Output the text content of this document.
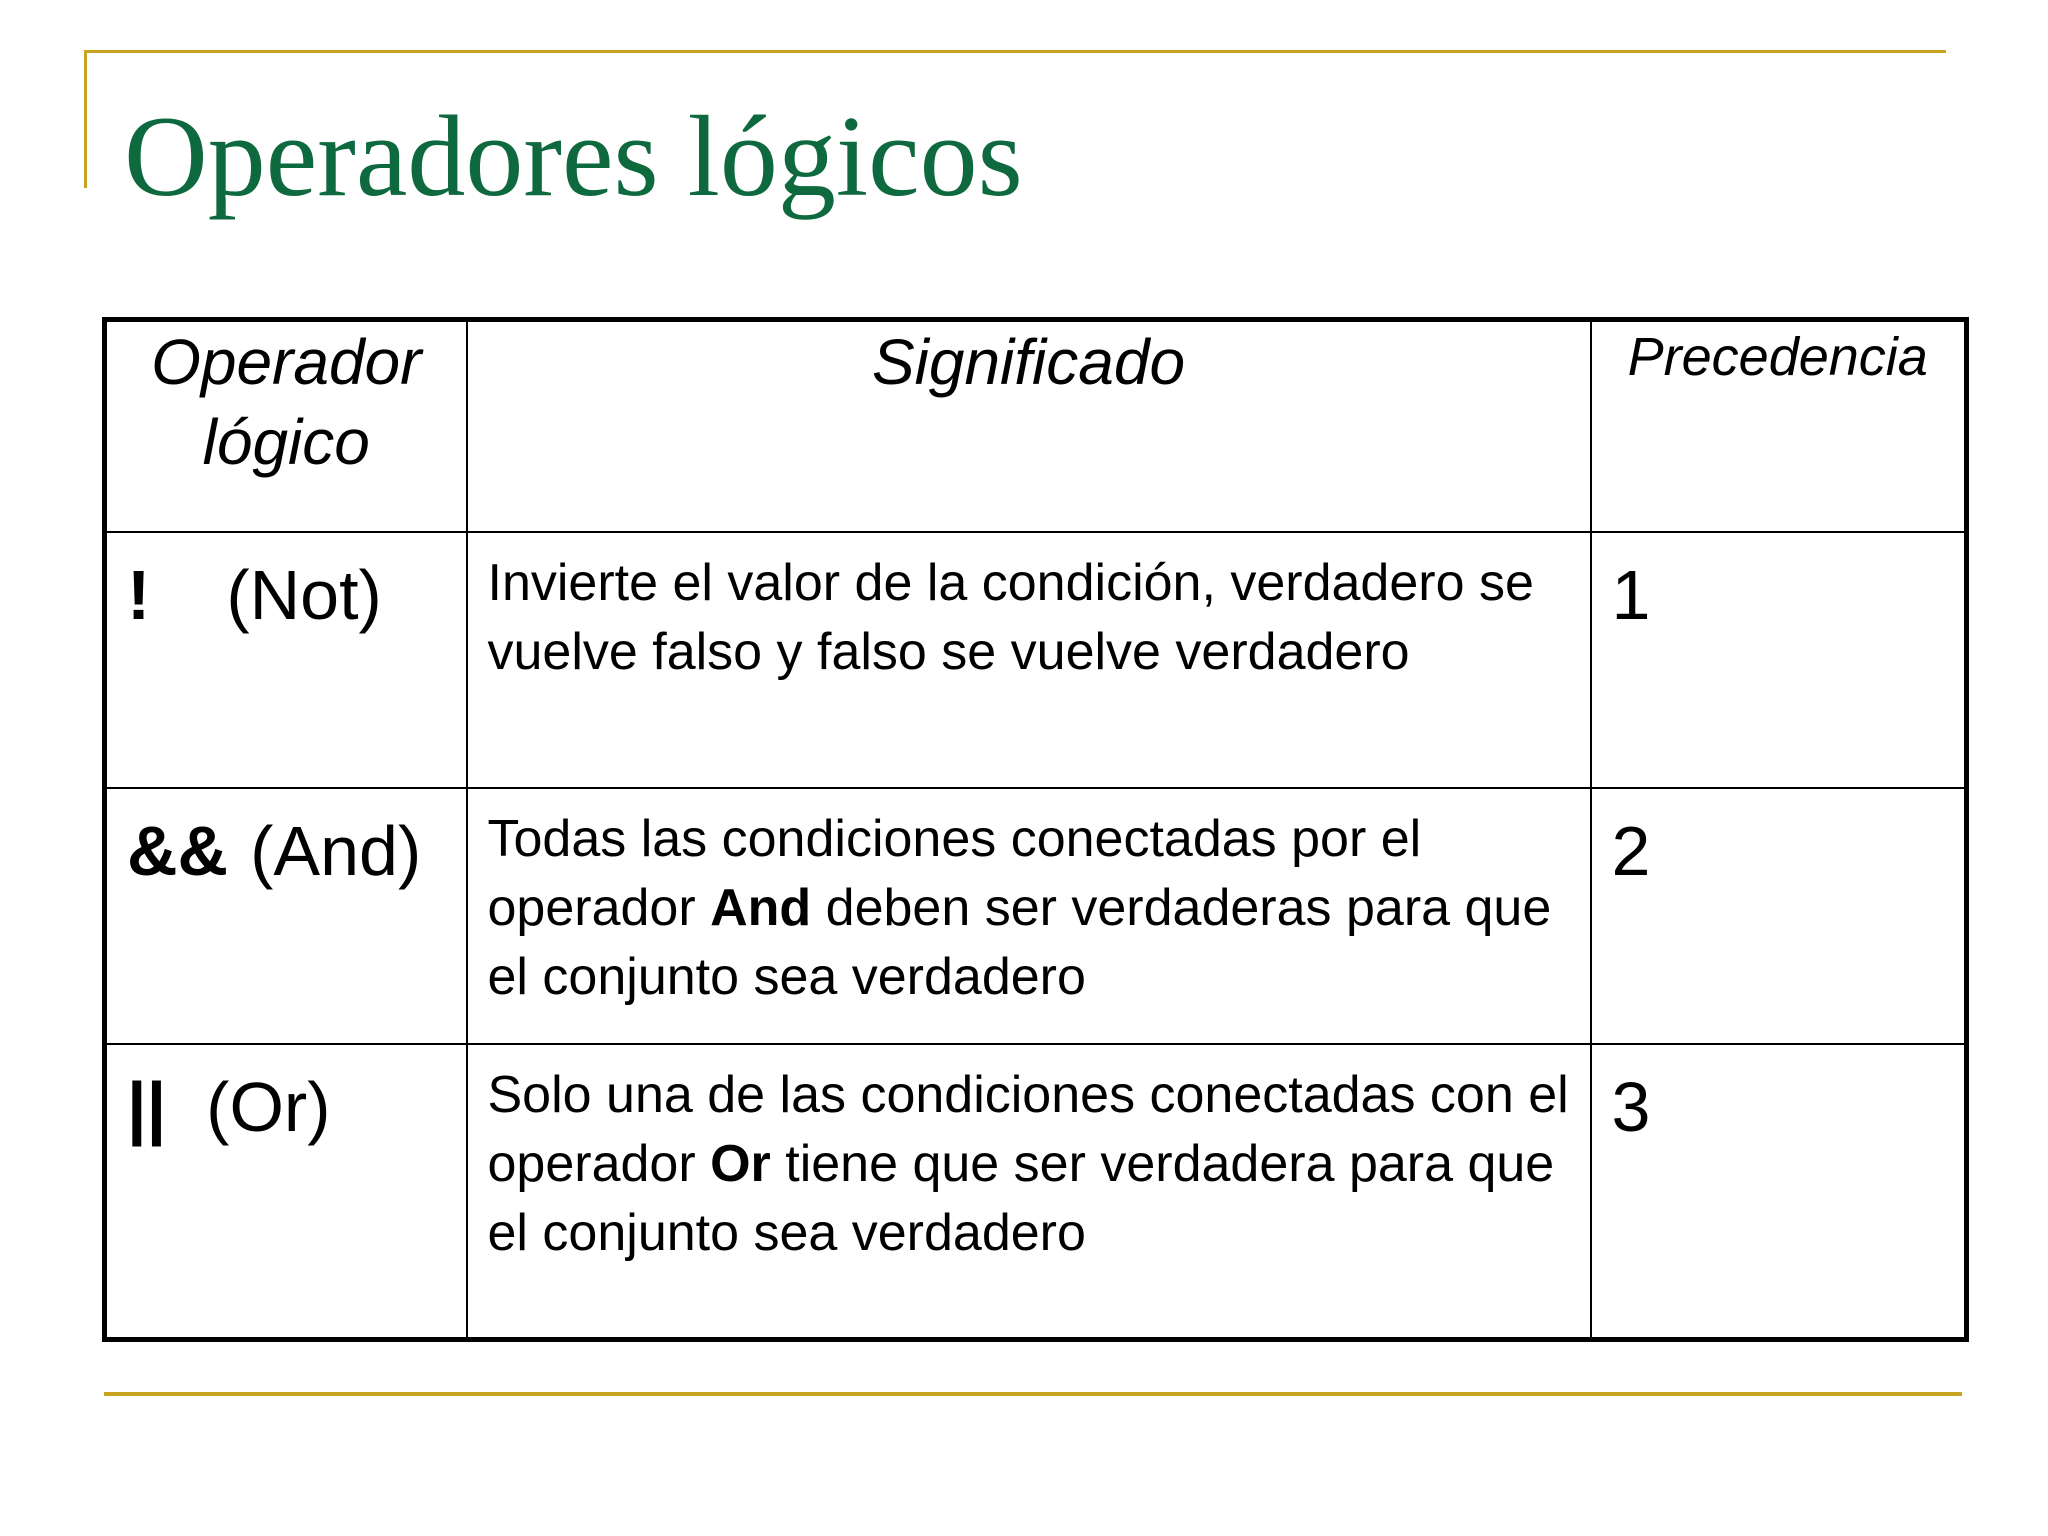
Operadores lógicos
Operador lógico	Significado	Precedencia
! (Not)	Invierte el valor de la condición, verdadero se vuelve falso y falso se vuelve verdadero	1
&& (And)	Todas las condiciones conectadas por el operador And deben ser verdaderas para que el conjunto sea verdadero	2
|| (Or)	Solo una de las condiciones conectadas con el operador Or tiene que ser verdadera para que el conjunto sea verdadero	3
